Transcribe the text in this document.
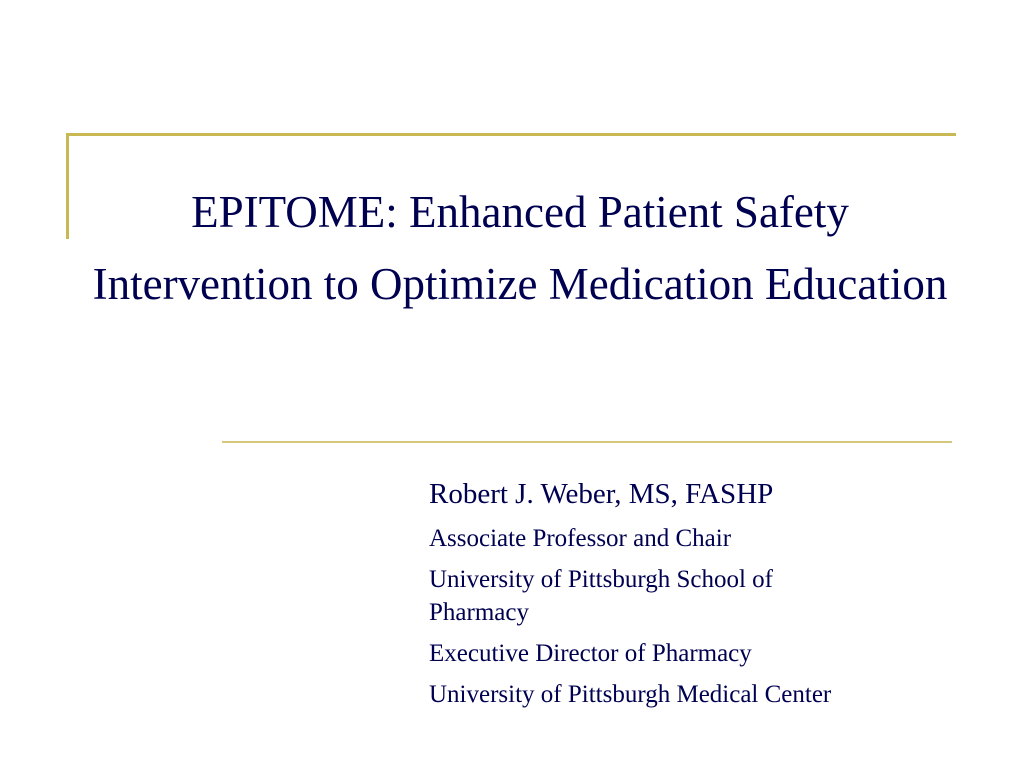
EPITOME: Enhanced Patient Safety Intervention to Optimize Medication Education
Robert J. Weber, MS, FASHP
Associate Professor and Chair
University of Pittsburgh School of Pharmacy
Executive Director of Pharmacy
University of Pittsburgh Medical Center
